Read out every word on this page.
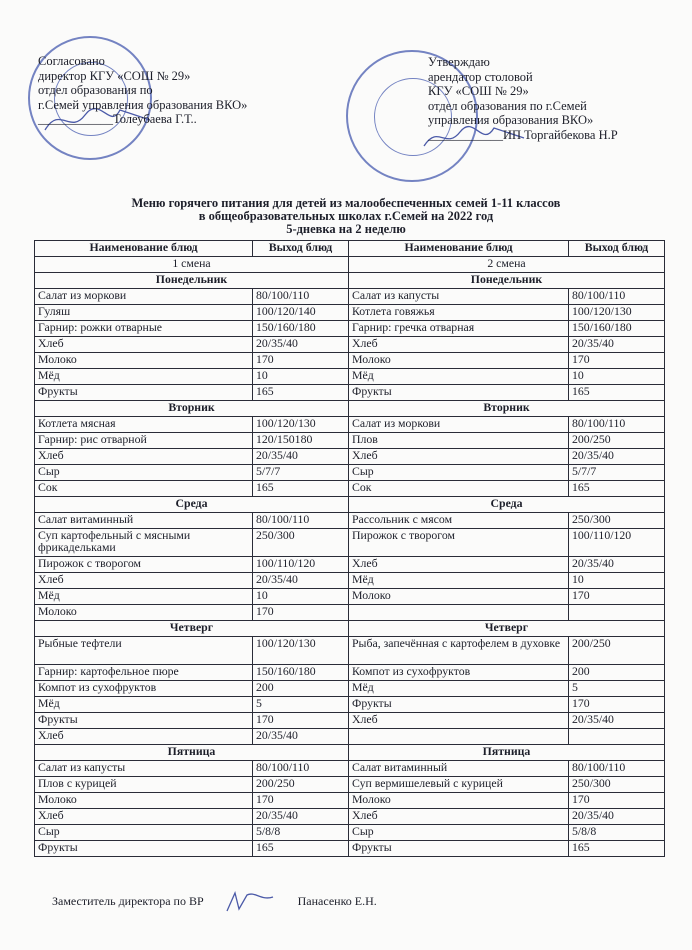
Согласовано
директор КГУ «СОШ № 29»
отдел образования по
г.Семей управления образования ВКО»
____________Толеубаева Г.Т..
Утверждаю
арендатор столовой
КГУ «СОШ № 29»
отдел образования по г.Семей
управления образования ВКО»
____________ИП Торгайбекова Н.Р
Меню горячего питания для детей из малообеспеченных семей 1-11 классов
в общеобразовательных школах г.Семей на 2022 год
5-дневка на 2 неделю
Наименование блюд	Выход блюд	Наименование блюд	Выход блюд
1 смена		2 смена	
Понедельник		Понедельник	
Салат из моркови	80/100/110	Салат из капусты	80/100/110
Гуляш	100/120/140	Котлета говяжья	100/120/130
Гарнир: рожки отварные	150/160/180	Гарнир: гречка отварная	150/160/180
Хлеб	20/35/40	Хлеб	20/35/40
Молоко	170	Молоко	170
Мёд	10	Мёд	10
Фрукты	165	Фрукты	165
Вторник		Вторник	
Котлета мясная	100/120/130	Салат из моркови	80/100/110
Гарнир: рис отварной	120/150180	Плов	200/250
Хлеб	20/35/40	Хлеб	20/35/40
Сыр	5/7/7	Сыр	5/7/7
Сок	165	Сок	165
Среда		Среда	
Салат витаминный	80/100/110	Рассольник с мясом	250/300
Суп картофельный с мясными фрикадельками	250/300	Пирожок с творогом	100/110/120
Пирожок с творогом	100/110/120	Хлеб	20/35/40
Хлеб	20/35/40	Мёд	10
Мёд	10	Молоко	170
Молоко	170		
Четверг		Четверг	
Рыбные тефтели	100/120/130	Рыба, запечённая с картофелем в духовке	200/250
Гарнир: картофельное пюре	150/160/180	Компот из сухофруктов	200
Компот из сухофруктов	200	Мёд	5
Мёд	5	Фрукты	170
Фрукты	170	Хлеб	20/35/40
Хлеб	20/35/40		
Пятница		Пятница	
Салат из капусты	80/100/110	Салат витаминный	80/100/110
Плов с курицей	200/250	Суп вермишелевый с курицей	250/300
Молоко	170	Молоко	170
Хлеб	20/35/40	Хлеб	20/35/40
Сыр	5/8/8	Сыр	5/8/8
Фрукты	165	Фрукты	165
Заместитель директора по ВР	Панасенко Е.Н.
